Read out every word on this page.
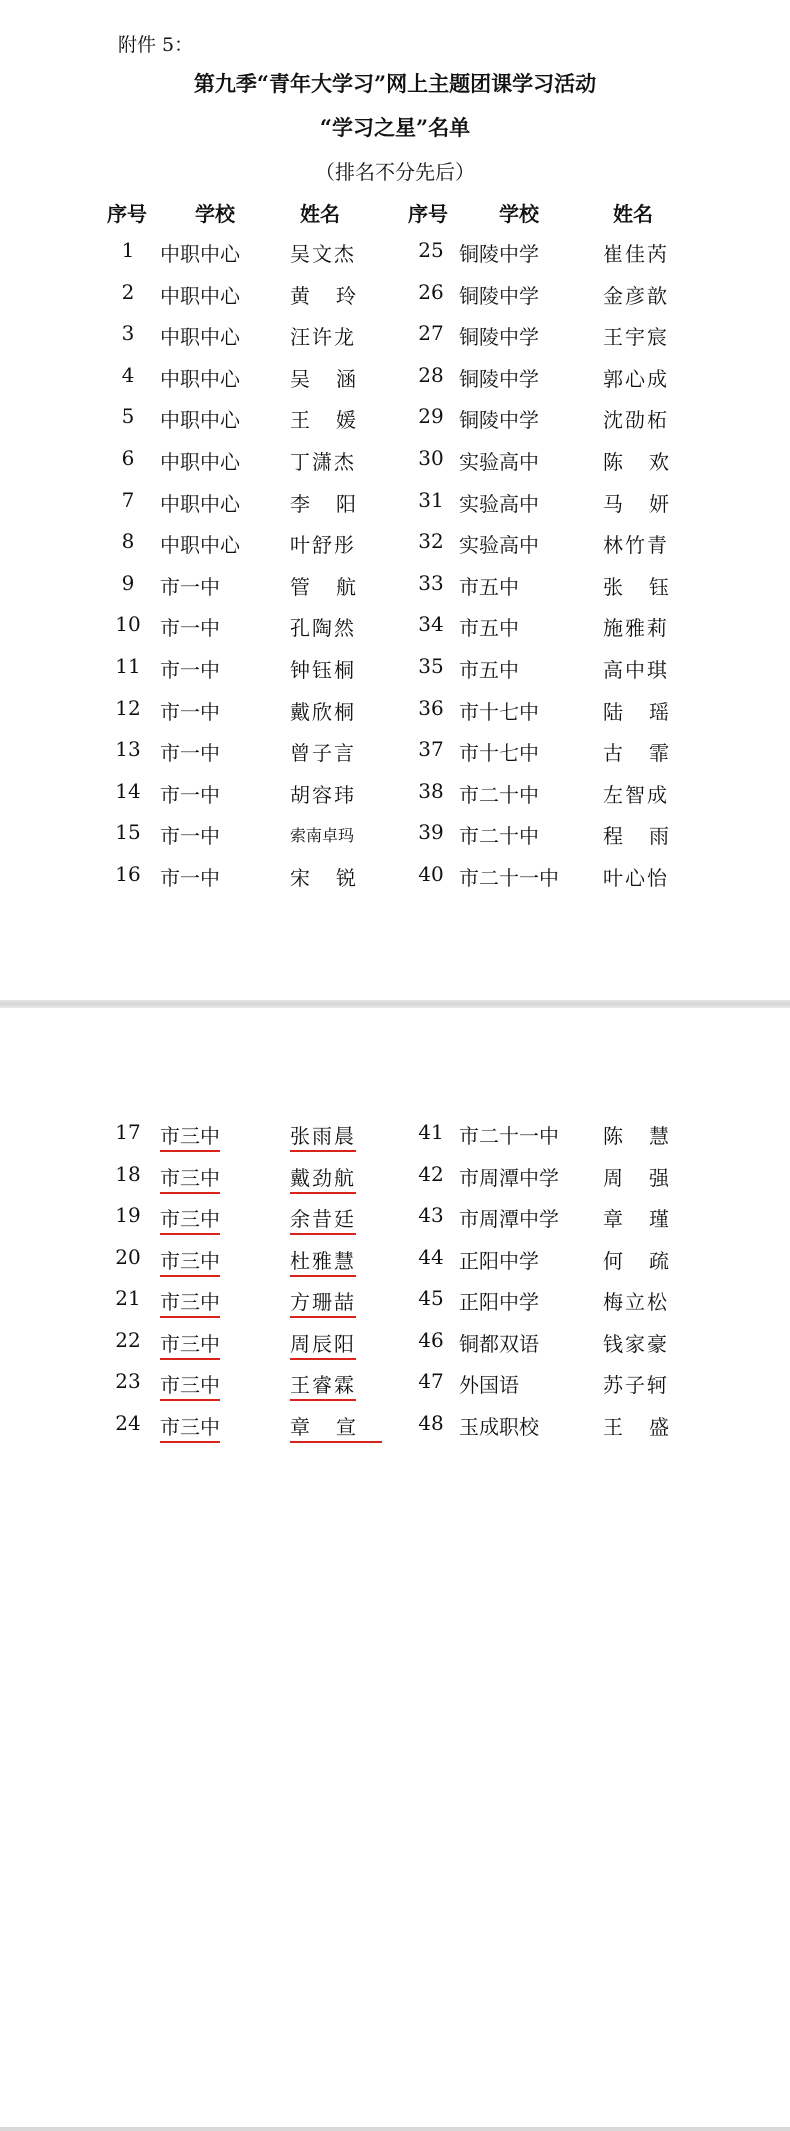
附件 5：
第九季“青年大学习”网上主题团课学习活动
“学习之星”名单
（排名不分先后）
序号 学校	姓名	序号	学校	姓名
1	中职中心	吴文杰	25 铜陵中学	崔佳芮
2	中职中心	黄玲	26 铜陵中学	金彦歆
3	中职中心	汪许龙	27 铜陵中学	王宇宸
4	中职中心	吴涵	28 铜陵中学	郭心成
5	中职中心	王媛	29 铜陵中学	沈劭柘
6	中职中心	丁潇杰	30 实验高中	陈欢
7	中职中心	李阳	31 实验高中	马妍
8	中职中心	叶舒彤	32 实验高中	林竹青
9	市一中	管航	33 市五中	张钰
10 市一中	孔陶然	34 市五中	施雅莉
11 市一中	钟钰桐	35 市五中	高中琪
12 市一中	戴欣桐	36 市十七中	陆瑶
13 市一中	曾子言	37 市十七中	古霏
14 市一中	胡容玮	38 市二十中	左智成
15 市一中	索南卓玛	39 市二十中	程雨
16 市一中	宋锐	40 市二十一中 叶心怡
17 市三中	张雨晨	41 市二十一中 陈慧
18 市三中	戴劲航	42 市周潭中学 周强
19 市三中	余昔廷	43 市周潭中学 章瑾
20 市三中	杜雅慧	44 正阳中学	何疏
21 市三中	方珊喆	45 正阳中学	梅立松
22 市三中	周辰阳	46 铜都双语	钱家豪
23 市三中	王睿霖	47 外国语	苏子轲
24 市三中	章宣	48 玉成职校	王盛
